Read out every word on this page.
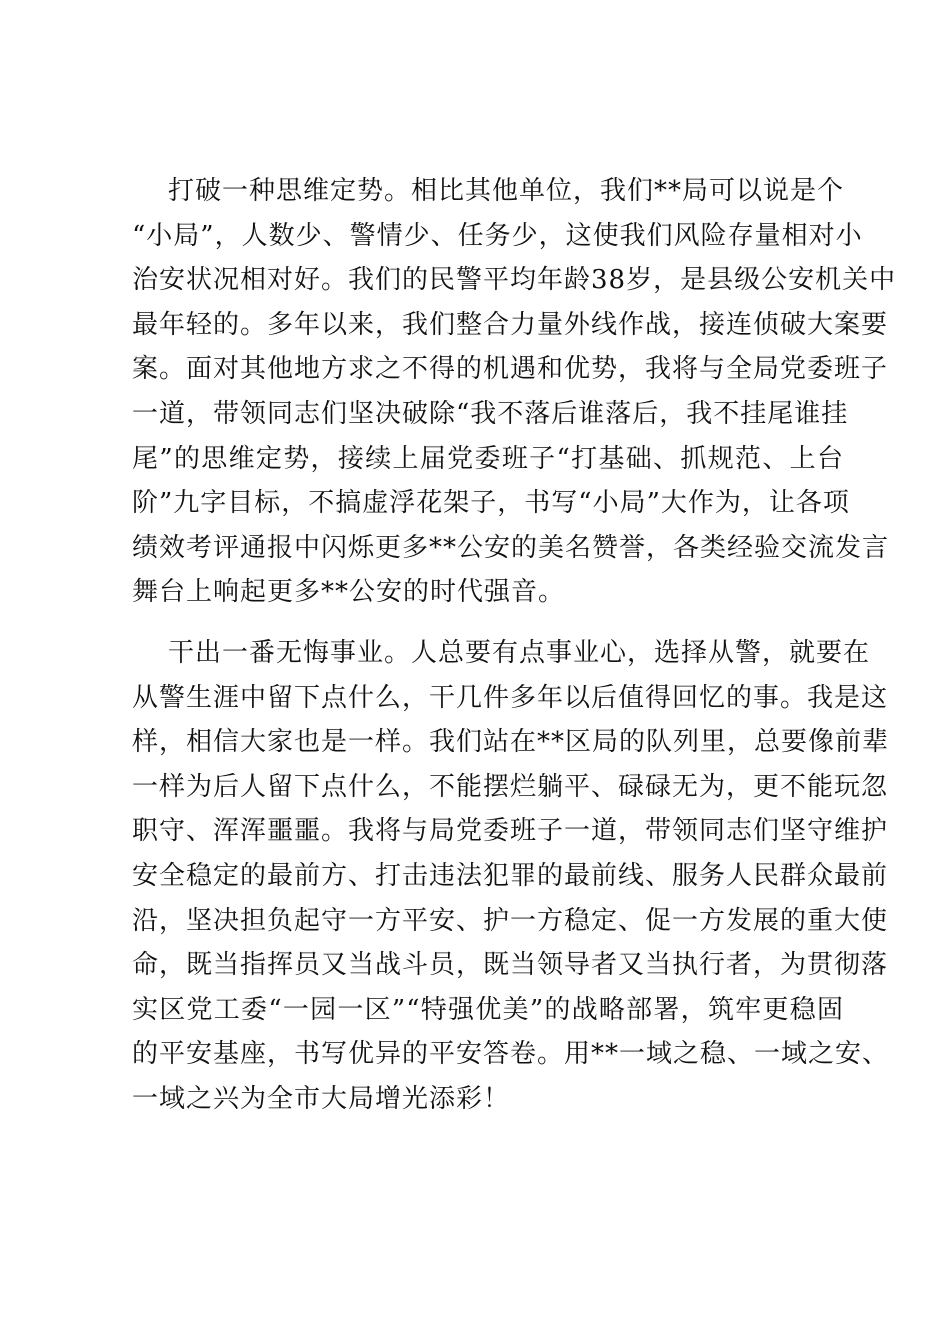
打破一种思维定势。相比其他单位，我们**局可以说是个
“小局”，人数少、警情少、任务少，这使我们风险存量相对小
治安状况相对好。我们的民警平均年龄38岁，是县级公安机关中
最年轻的。多年以来，我们整合力量外线作战，接连侦破大案要
案。面对其他地方求之不得的机遇和优势，我将与全局党委班子
一道，带领同志们坚决破除“我不落后谁落后，我不挂尾谁挂
尾”的思维定势，接续上届党委班子“打基础、抓规范、上台
阶”九字目标，不搞虚浮花架子，书写“小局”大作为，让各项
绩效考评通报中闪烁更多**公安的美名赞誉，各类经验交流发言
舞台上响起更多**公安的时代强音。
干出一番无悔事业。人总要有点事业心，选择从警，就要在
从警生涯中留下点什么，干几件多年以后值得回忆的事。我是这
样，相信大家也是一样。我们站在**区局的队列里，总要像前辈
一样为后人留下点什么，不能摆烂躺平、碌碌无为，更不能玩忽
职守、浑浑噩噩。我将与局党委班子一道，带领同志们坚守维护
安全稳定的最前方、打击违法犯罪的最前线、服务人民群众最前
沿，坚决担负起守一方平安、护一方稳定、促一方发展的重大使
命，既当指挥员又当战斗员，既当领导者又当执行者，为贯彻落
实区党工委“一园一区”“特强优美”的战略部署，筑牢更稳固
的平安基座，书写优异的平安答卷。用**一域之稳、一域之安、
一域之兴为全市大局增光添彩！
